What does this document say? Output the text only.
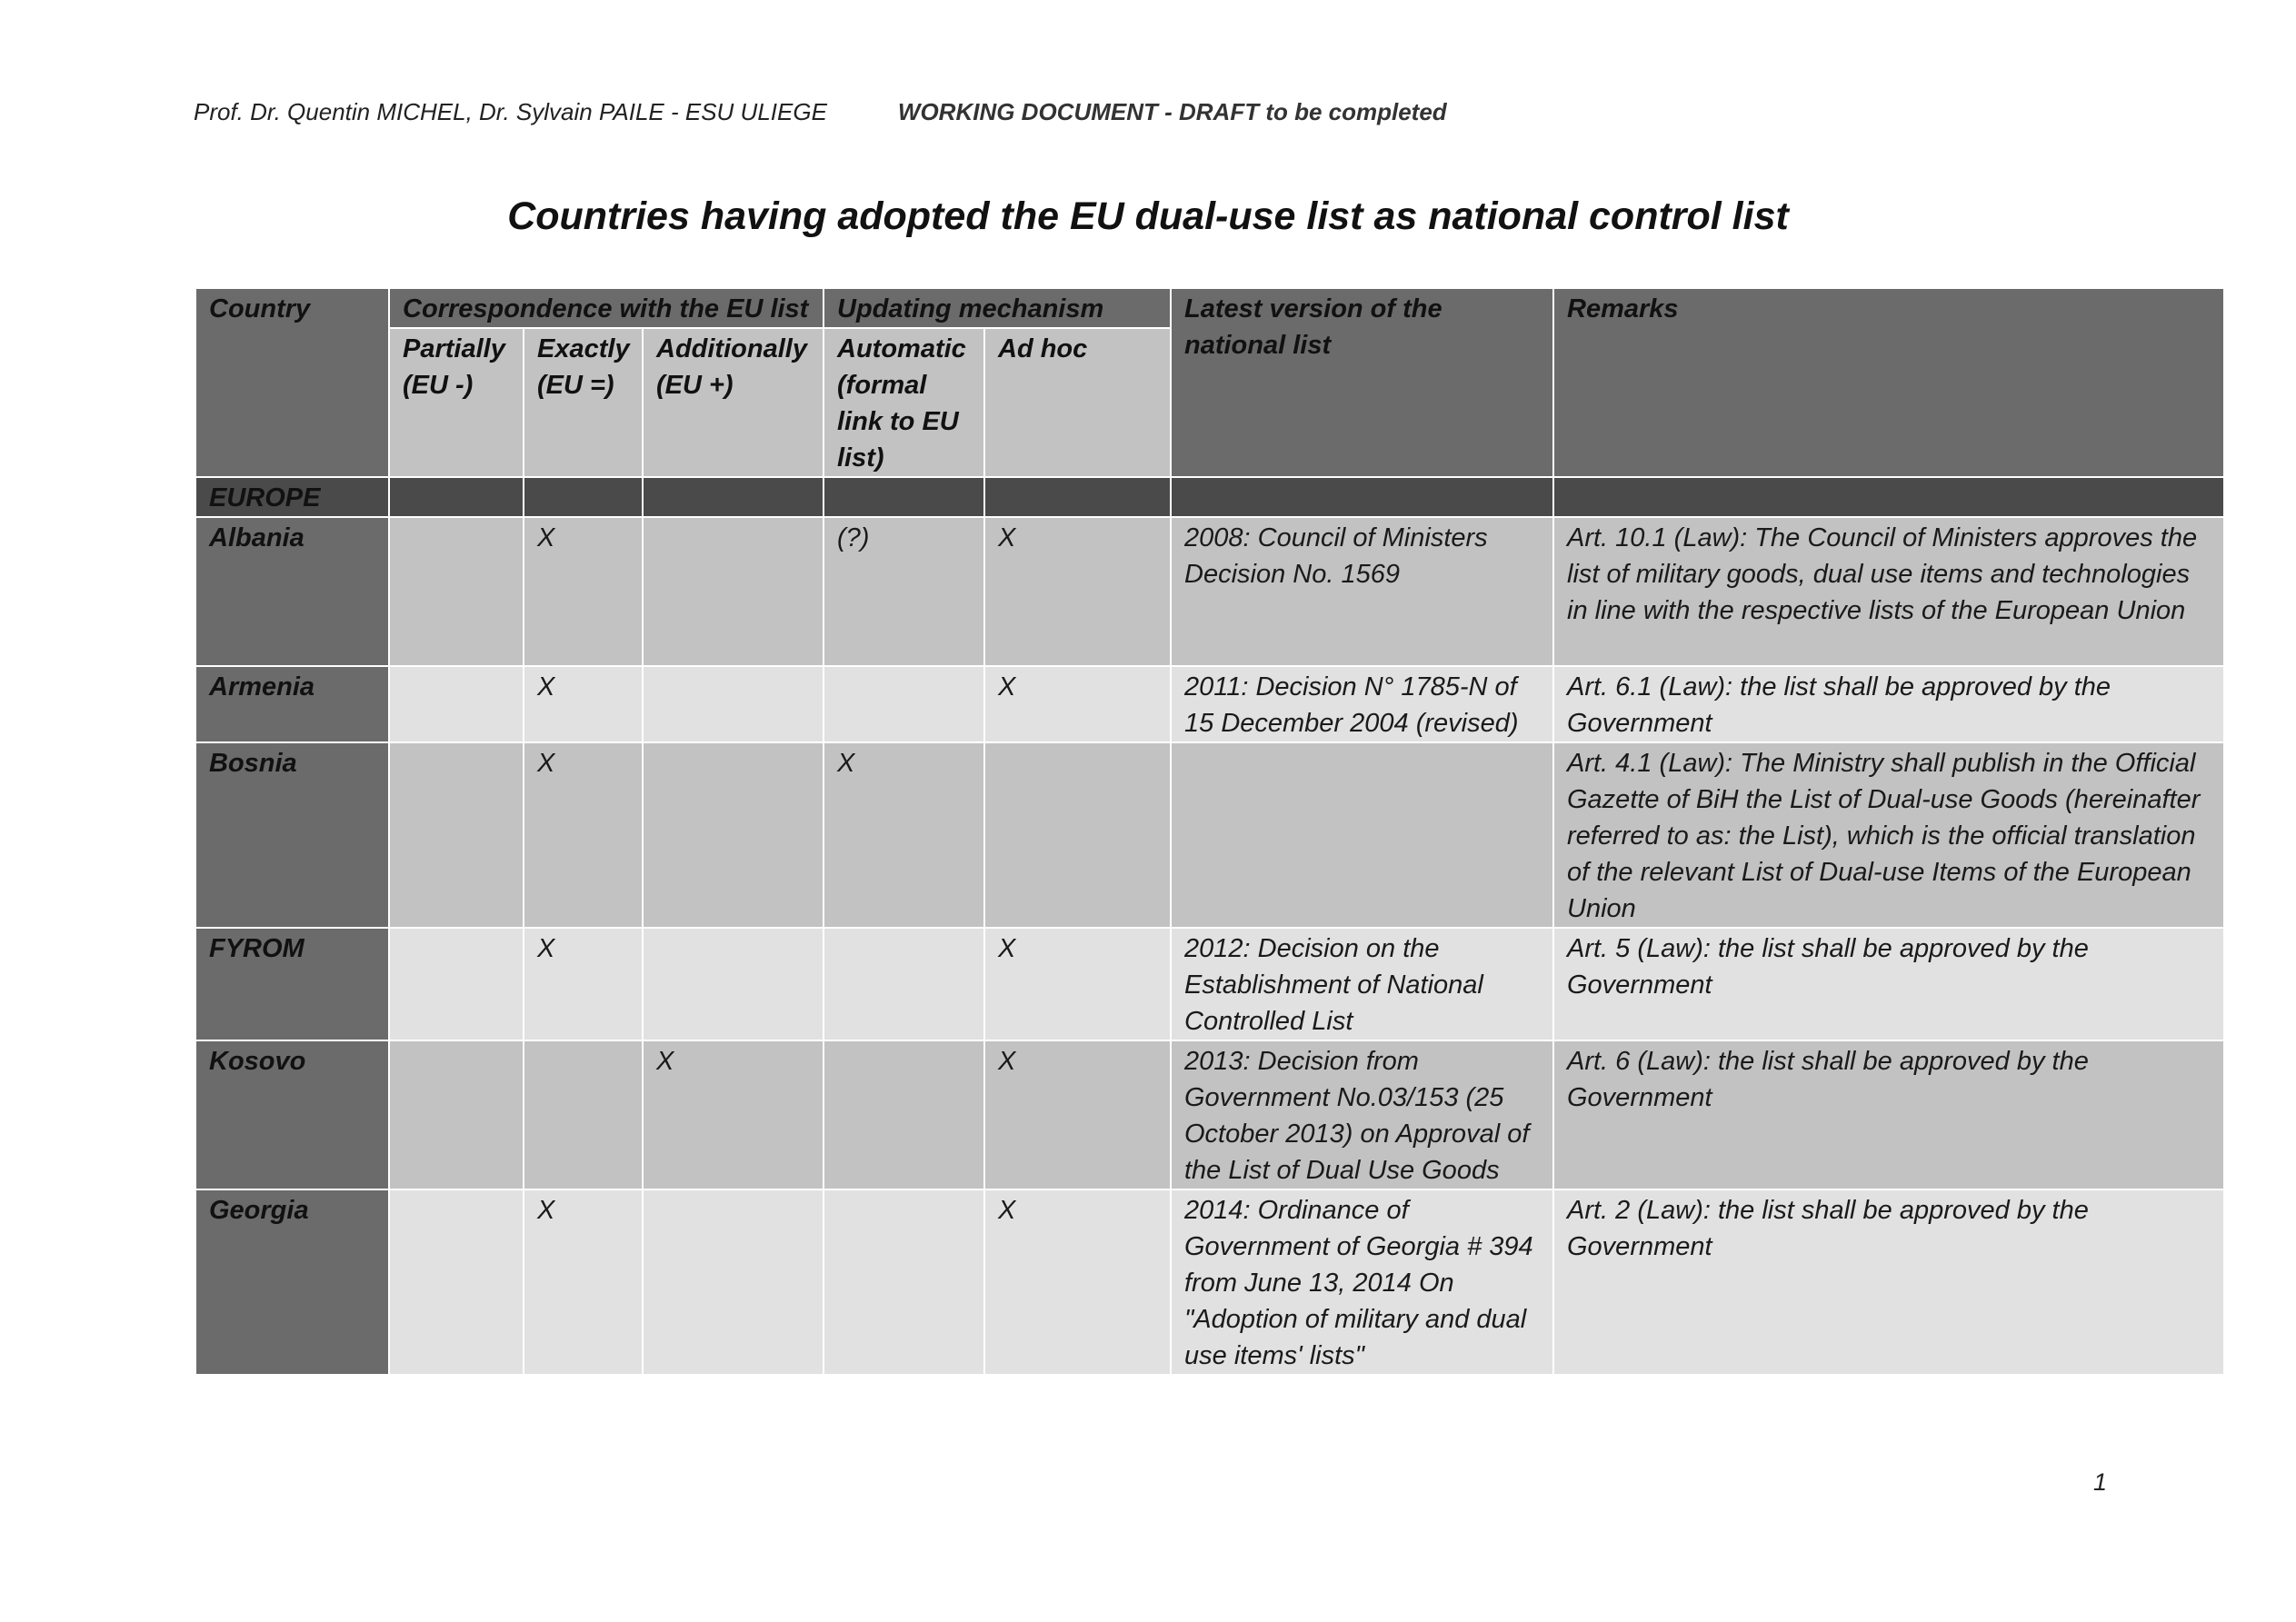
Prof. Dr. Quentin MICHEL, Dr. Sylvain PAILE - ESU ULIEGE	WORKING DOCUMENT - DRAFT to be completed
Countries having adopted the EU dual-use list as national control list
Country	Correspondence with the EU list			Updating mechanism		Latest version of the national list	Remarks
	Partially (EU -)	Exactly (EU =)	Additionally (EU +)	Automatic (formal link to EU list)	Ad hoc		
EUROPE							
Albania		X		(?)	X	2008: Council of Ministers Decision No. 1569	Art. 10.1 (Law): The Council of Ministers approves the list of military goods, dual use items and technologies in line with the respective lists of the European Union
Armenia		X			X	2011: Decision N° 1785-N of 15 December 2004 (revised)	Art. 6.1 (Law): the list shall be approved by the Government
Bosnia		X		X			Art. 4.1 (Law): The Ministry shall publish in the Official Gazette of BiH the List of Dual-use Goods (hereinafter referred to as: the List), which is the official translation of the relevant List of Dual-use Items of the European Union
FYROM		X			X	2012: Decision on the Establishment of National Controlled List	Art. 5 (Law): the list shall be approved by the Government
Kosovo			X		X	2013: Decision from Government No.03/153 (25 October 2013) on Approval of the List of Dual Use Goods	Art. 6 (Law): the list shall be approved by the Government
Georgia		X			X	2014: Ordinance of Government of Georgia # 394 from June 13, 2014 On "Adoption of military and dual use items' lists"	Art. 2 (Law): the list shall be approved by the Government
1
